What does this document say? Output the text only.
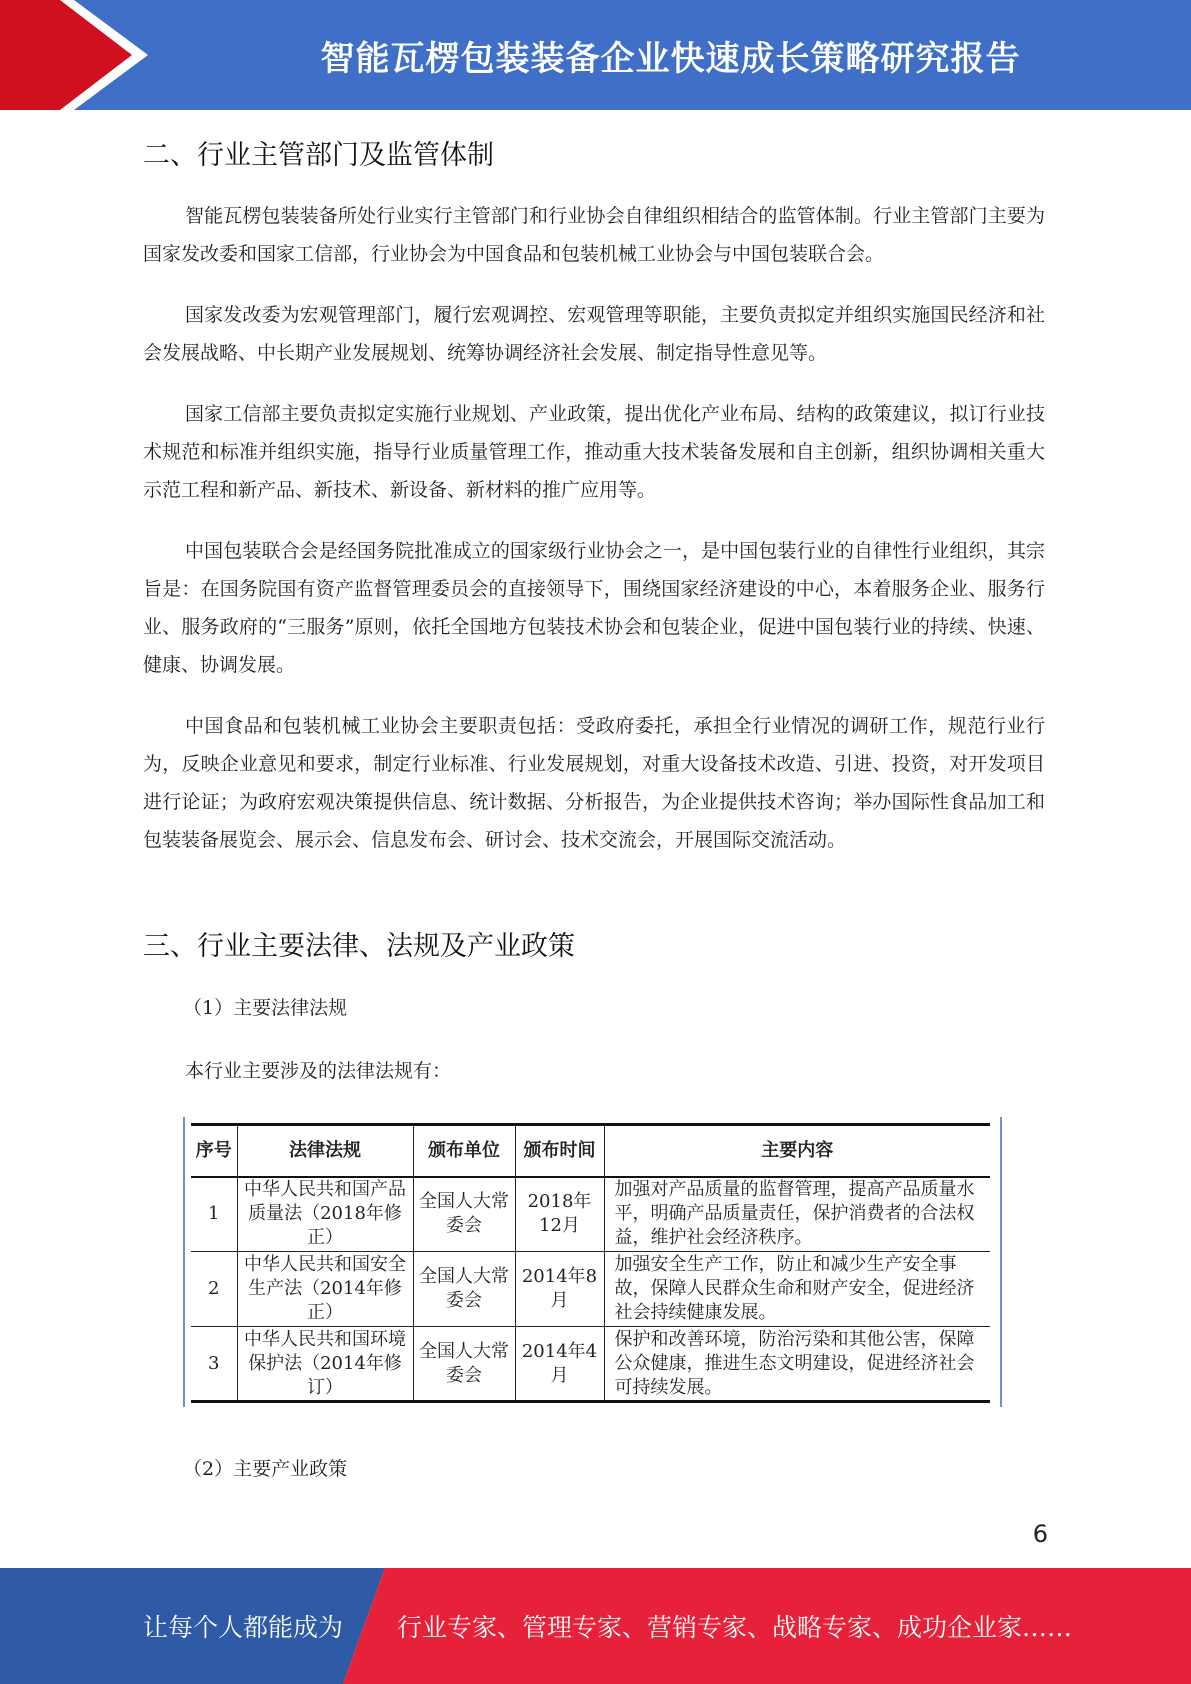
智能瓦楞包装装备企业快速成长策略研究报告
二、行业主管部门及监管体制

智能瓦楞包装装备所处行业实行主管部门和行业协会自律组织相结合的监管体制。行业主管部门主要为国家发改委和国家工信部，行业协会为中国食品和包装机械工业协会与中国包装联合会。

国家发改委为宏观管理部门，履行宏观调控、宏观管理等职能，主要负责拟定并组织实施国民经济和社会发展战略、中长期产业发展规划、统筹协调经济社会发展、制定指导性意见等。

国家工信部主要负责拟定实施行业规划、产业政策，提出优化产业布局、结构的政策建议，拟订行业技术规范和标准并组织实施，指导行业质量管理工作，推动重大技术装备发展和自主创新，组织协调相关重大示范工程和新产品、新技术、新设备、新材料的推广应用等。

中国包装联合会是经国务院批准成立的国家级行业协会之一，是中国包装行业的自律性行业组织，其宗旨是：在国务院国有资产监督管理委员会的直接领导下，围绕国家经济建设的中心，本着服务企业、服务行业、服务政府的“三服务”原则，依托全国地方包装技术协会和包装企业，促进中国包装行业的持续、快速、健康、协调发展。

中国食品和包装机械工业协会主要职责包括：受政府委托，承担全行业情况的调研工作，规范行业行为，反映企业意见和要求，制定行业标准、行业发展规划，对重大设备技术改造、引进、投资，对开发项目进行论证；为政府宏观决策提供信息、统计数据、分析报告，为企业提供技术咨询；举办国际性食品加工和包装装备展览会、展示会、信息发布会、研讨会、技术交流会，开展国际交流活动。

三、行业主要法律、法规及产业政策

（1）主要法律法规

本行业主要涉及的法律法规有：

序号	法律法规	颁布单位	颁布时间	主要内容
1	中华人民共和国产品质量法（2018年修正）	全国人大常委会	2018年12月	加强对产品质量的监督管理，提高产品质量水平，明确产品质量责任，保护消费者的合法权益，维护社会经济秩序。
2	中华人民共和国安全生产法（2014年修正）	全国人大常委会	2014年8月	加强安全生产工作，防止和减少生产安全事故，保障人民群众生命和财产安全，促进经济社会持续健康发展。
3	中华人民共和国环境保护法（2014年修订）	全国人大常委会	2014年4月	保护和改善环境，防治污染和其他公害，保障公众健康，推进生态文明建设，促进经济社会可持续发展。

（2）主要产业政策

6
让每个人都能成为 行业专家、管理专家、营销专家、战略专家、成功企业家……
